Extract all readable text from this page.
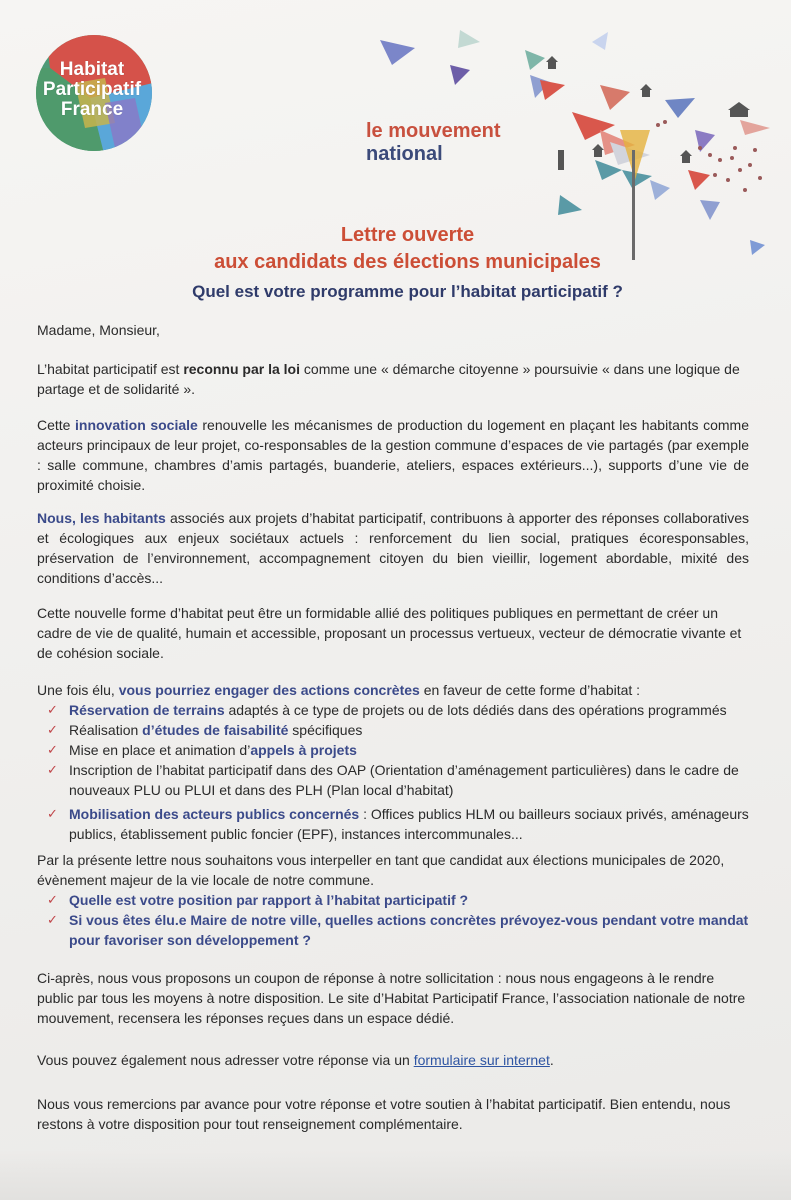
Habitat
Participatif
France
le mouvement
national
Lettre ouverte
aux candidats des élections municipales
Quel est votre programme pour l’habitat participatif ?

Madame, Monsieur,

L’habitat participatif est reconnu par la loi comme une « démarche citoyenne » poursuivie « dans une logique de partage et de solidarité ».

Cette innovation sociale renouvelle les mécanismes de production du logement en plaçant les habitants comme acteurs principaux de leur projet, co-responsables de la gestion commune d’espaces de vie partagés (par exemple : salle commune, chambres d’amis partagés, buanderie, ateliers, espaces extérieurs...), supports d’une vie de proximité choisie.

Nous, les habitants associés aux projets d’habitat participatif, contribuons à apporter des réponses collaboratives et écologiques aux enjeux sociétaux actuels : renforcement du lien social, pratiques écoresponsables, préservation de l’environnement, accompagnement citoyen du bien vieillir, logement abordable, mixité des conditions d’accès...

Cette nouvelle forme d’habitat peut être un formidable allié des politiques publiques en permettant de créer un cadre de vie de qualité, humain et accessible, proposant un processus vertueux, vecteur de démocratie vivante et de cohésion sociale.

Une fois élu, vous pourriez engager des actions concrètes en faveur de cette forme d’habitat :

✓ Réservation de terrains adaptés à ce type de projets ou de lots dédiés dans des opérations programmés
✓ Réalisation d’études de faisabilité spécifiques
✓ Mise en place et animation d’appels à projets
✓ Inscription de l’habitat participatif dans des OAP (Orientation d’aménagement particulières) dans le cadre de nouveaux PLU ou PLUI et dans des PLH (Plan local d’habitat)
✓ Mobilisation des acteurs publics concernés : Offices publics HLM ou bailleurs sociaux privés, aménageurs publics, établissement public foncier (EPF), instances intercommunales...

Par la présente lettre nous souhaitons vous interpeller en tant que candidat aux élections municipales de 2020, évènement majeur de la vie locale de notre commune.

✓ Quelle est votre position par rapport à l’habitat participatif ?
✓ Si vous êtes élu.e Maire de notre ville, quelles actions concrètes prévoyez-vous pendant votre mandat pour favoriser son développement ?

Ci-après, nous vous proposons un coupon de réponse à notre sollicitation : nous nous engageons à le rendre public par tous les moyens à notre disposition. Le site d’Habitat Participatif France, l’association nationale de notre mouvement, recensera les réponses reçues dans un espace dédié.

Vous pouvez également nous adresser votre réponse via un formulaire sur internet.

Nous vous remercions par avance pour votre réponse et votre soutien à l’habitat participatif. Bien entendu, nous restons à votre disposition pour tout renseignement complémentaire.
